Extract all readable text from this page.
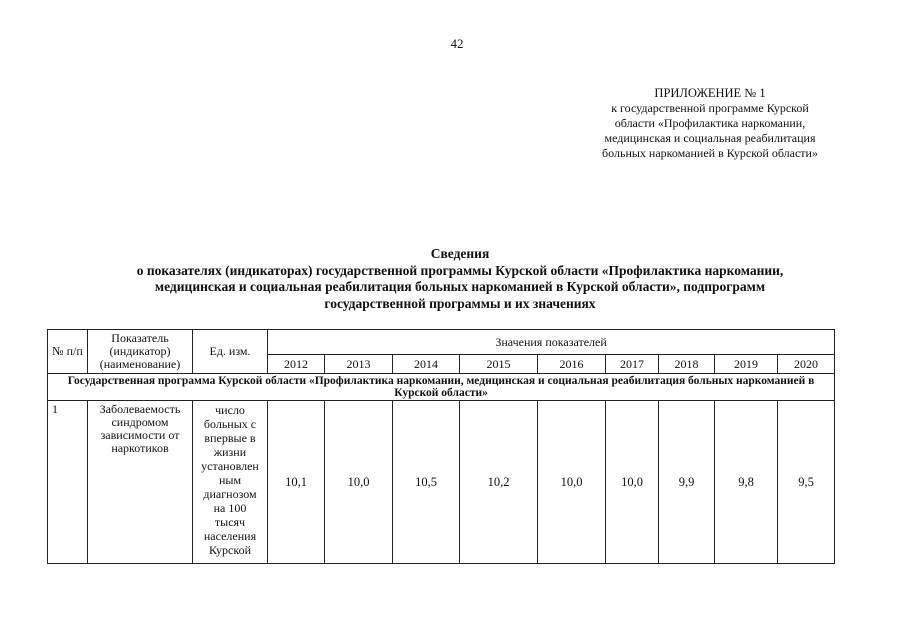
42
ПРИЛОЖЕНИЕ № 1
к государственной программе Курской
области «Профилактика наркомании,
медицинская и социальная реабилитация
больных наркоманией в Курской области»
Сведения
о показателях (индикаторах) государственной программы Курской области «Профилактика наркомании,
медицинская и социальная реабилитация больных наркоманией в Курской области», подпрограмм
государственной программы и их значениях
№ п/п	Показатель (индикатор) (наименование)	Ед. изм.	Значения показателей								
			2012	2013	2014	2015	2016	2017	2018	2019	2020
Государственная программа Курской области «Профилактика наркомании, медицинская и социальная реабилитация больных наркоманией в Курской области»											
1	Заболеваемость синдромом зависимости от наркотиков	число больных с впервые в жизни установлен ным диагнозом на 100 тысяч населения Курской	10,1	10,0	10,5	10,2	10,0	10,0	9,9	9,8	9,5
